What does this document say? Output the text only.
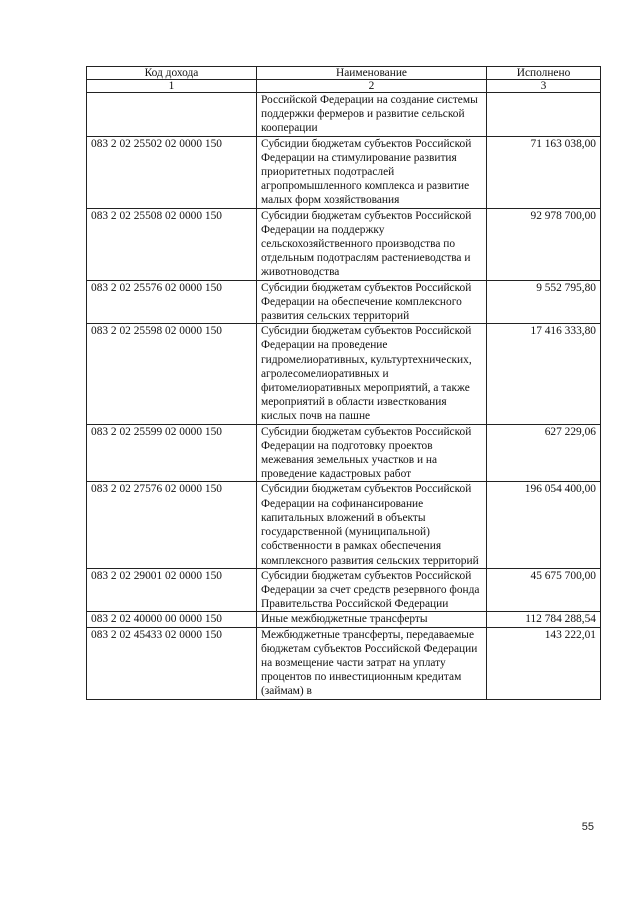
Код дохода	Наименование	Исполнено
1	2	3
	Российской Федерации на создание системы поддержки фермеров и развитие сельской кооперации	
083 2 02 25502 02 0000 150	Субсидии бюджетам субъектов Российской Федерации на стимулирование развития приоритетных подотраслей агропромышленного комплекса и развитие малых форм хозяйствования	71 163 038,00
083 2 02 25508 02 0000 150	Субсидии бюджетам субъектов Российской Федерации на поддержку сельскохозяйственного производства по отдельным подотраслям растениеводства и животноводства	92 978 700,00
083 2 02 25576 02 0000 150	Субсидии бюджетам субъектов Российской Федерации на обеспечение комплексного развития сельских территорий	9 552 795,80
083 2 02 25598 02 0000 150	Субсидии бюджетам субъектов Российской Федерации на проведение гидромелиоративных, культуртехнических, агролесомелиоративных и фитомелиоративных мероприятий, а также мероприятий в области известкования кислых почв на пашне	17 416 333,80
083 2 02 25599 02 0000 150	Субсидии бюджетам субъектов Российской Федерации на подготовку проектов межевания земельных участков и на проведение кадастровых работ	627 229,06
083 2 02 27576 02 0000 150	Субсидии бюджетам субъектов Российской Федерации на софинансирование капитальных вложений в объекты государственной (муниципальной) собственности в рамках обеспечения комплексного развития сельских территорий	196 054 400,00
083 2 02 29001 02 0000 150	Субсидии бюджетам субъектов Российской Федерации за счет средств резервного фонда Правительства Российской Федерации	45 675 700,00
083 2 02 40000 00 0000 150	Иные межбюджетные трансферты	112 784 288,54
083 2 02 45433 02 0000 150	Межбюджетные трансферты, передаваемые бюджетам субъектов Российской Федерации на возмещение части затрат на уплату процентов по инвестиционным кредитам (займам) в	143 222,01
55
